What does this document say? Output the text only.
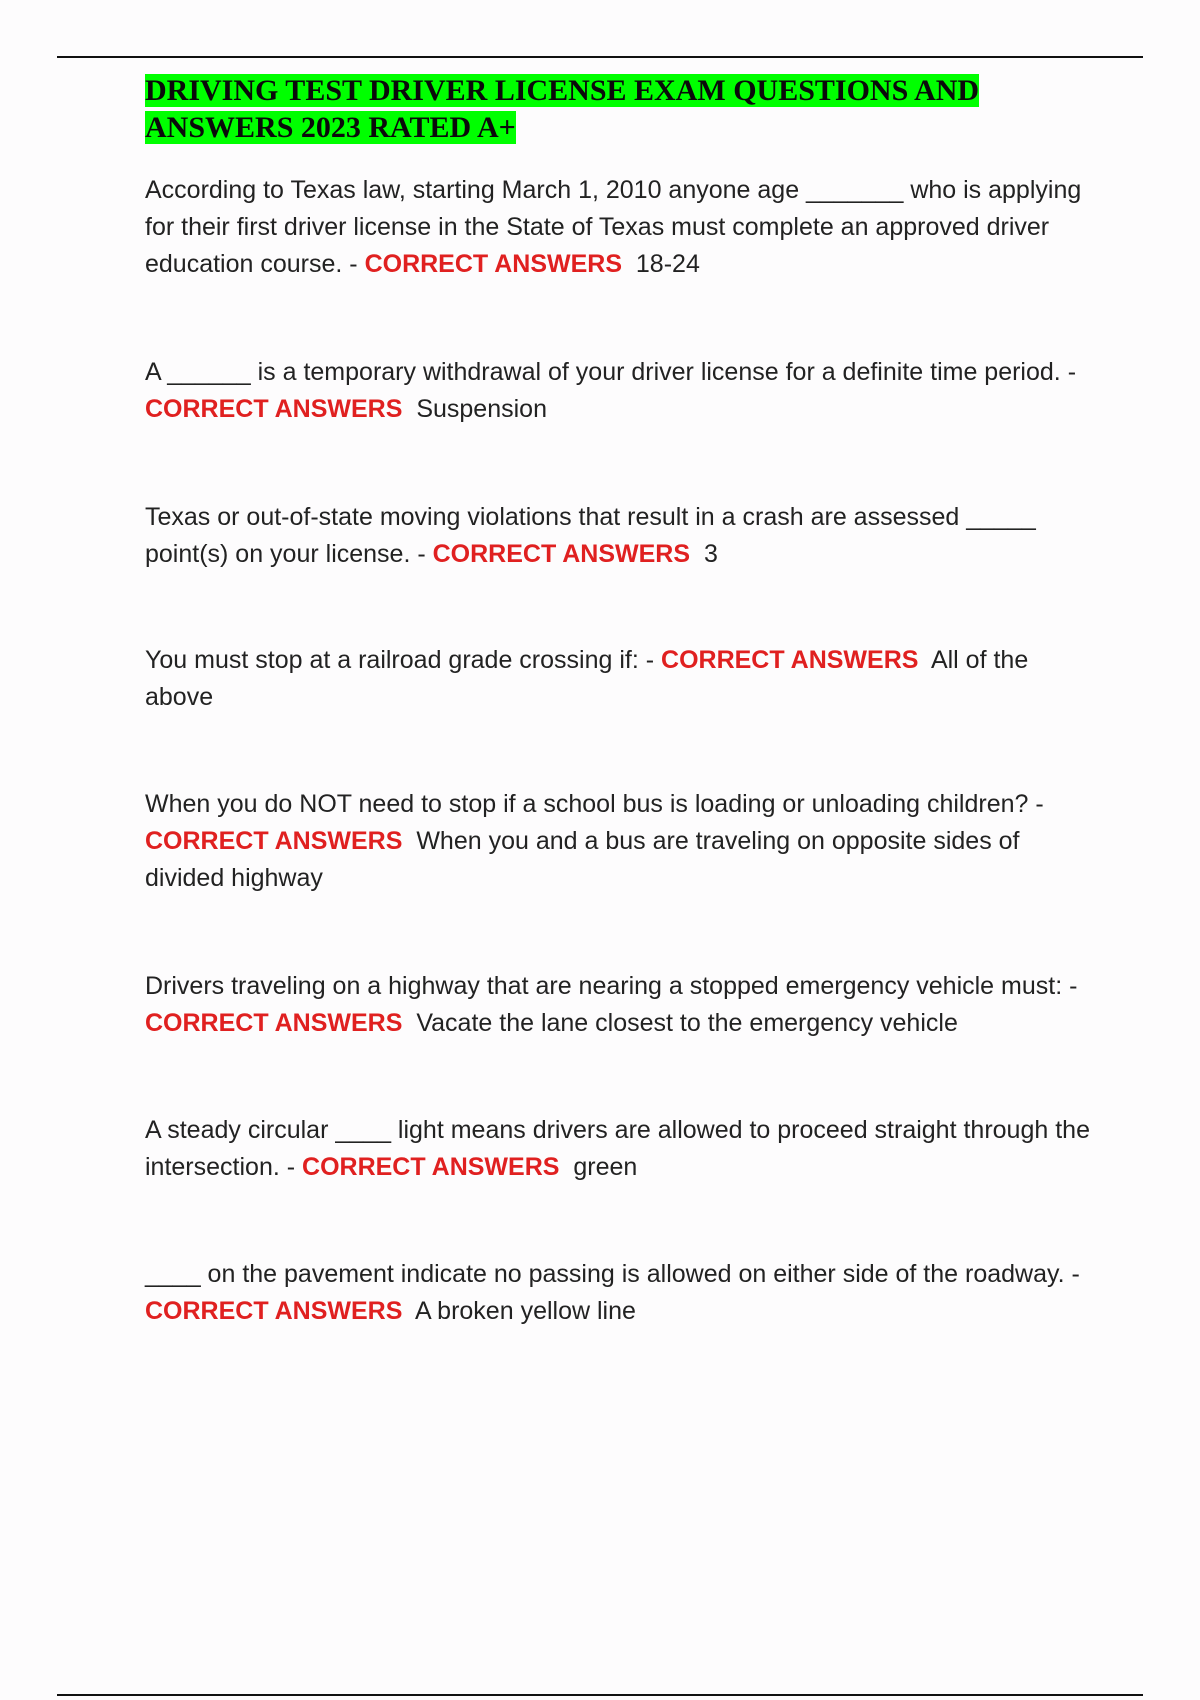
DRIVING TEST DRIVER LICENSE EXAM QUESTIONS AND ANSWERS 2023 RATED A+

According to Texas law, starting March 1, 2010 anyone age _______ who is applying for their first driver license in the State of Texas must complete an approved driver education course. - CORRECT ANSWERS 18-24

A ______ is a temporary withdrawal of your driver license for a definite time period. - CORRECT ANSWERS Suspension

Texas or out-of-state moving violations that result in a crash are assessed _____ point(s) on your license. - CORRECT ANSWERS 3

You must stop at a railroad grade crossing if: - CORRECT ANSWERS All of the above

When you do NOT need to stop if a school bus is loading or unloading children? - CORRECT ANSWERS When you and a bus are traveling on opposite sides of divided highway

Drivers traveling on a highway that are nearing a stopped emergency vehicle must: - CORRECT ANSWERS Vacate the lane closest to the emergency vehicle

A steady circular ____ light means drivers are allowed to proceed straight through the intersection. - CORRECT ANSWERS green

____ on the pavement indicate no passing is allowed on either side of the roadway. - CORRECT ANSWERS A broken yellow line
